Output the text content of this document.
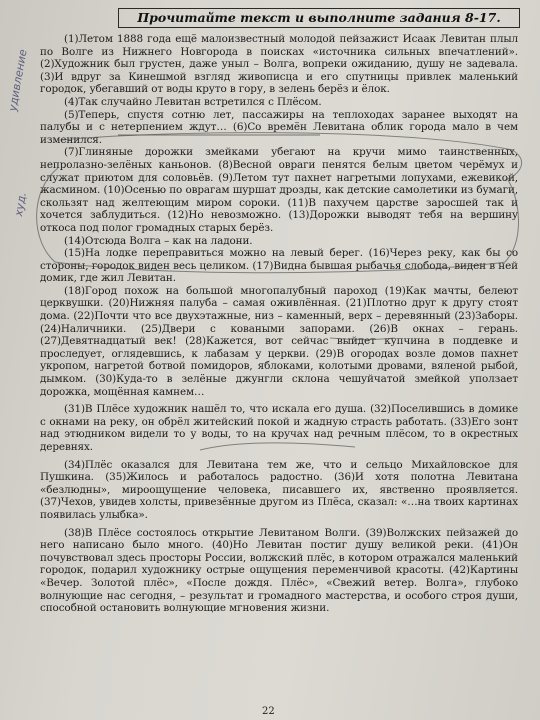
Прочитайте текст и выполните задания 8-17.

(1)Летом 1888 года ещё малоизвестный молодой пейзажист Исаак Левитан плыл по Волге из Нижнего Новгорода в поисках «источника сильных впечатлений». (2)Художник был грустен, даже уныл – Волга, вопреки ожиданию, душу не задевала. (3)И вдруг за Кинешмой взгляд живописца и его спутницы привлек маленький городок, убегавший от воды круто в гору, в зелень берёз и ёлок.

(4)Так случайно Левитан встретился с Плёсом.

(5)Теперь, спустя сотню лет, пассажиры на теплоходах заранее выходят на палубы и с нетерпением ждут… (6)Со времён Левитана облик города мало в чем изменился.

(7)Глиняные дорожки змейками убегают на кручи мимо таинственных, непролазно-зелёных каньонов. (8)Весной овраги пенятся белым цветом черёмух и служат приютом для соловьёв. (9)Летом тут пахнет нагретыми лопухами, ежевикой, жасмином. (10)Осенью по оврагам шуршат дрозды, как детские самолетики из бумаги, скользят над желтеющим миром сороки. (11)В пахучем царстве заросшей так и хочется заблудиться. (12)Но невозможно. (13)Дорожки выводят тебя на вершину откоса под полог громадных старых берёз.

(14)Отсюда Волга – как на ладони.

(15)На лодке переправиться можно на левый берег. (16)Через реку, как бы со стороны, городок виден весь целиком. (17)Видна бывшая рыбачья слобода, виден в ней домик, где жил Левитан.

(18)Город похож на большой многопалубный пароход (19)Как мачты, белеют церквушки. (20)Нижняя палуба – самая оживлённая. (21)Плотно друг к другу стоят дома. (22)Почти что все двухэтажные, низ – каменный, верх – деревянный (23)Заборы. (24)Наличники. (25)Двери с коваными запорами. (26)В окнах – герань. (27)Девятнадцатый век! (28)Кажется, вот сейчас выйдет купчина в поддевке и проследует, оглядевшись, к лабазам у церкви. (29)В огородах возле домов пахнет укропом, нагретой ботвой помидоров, яблоками, колотыми дровами, вяленой рыбой, дымком. (30)Куда-то в зелёные джунгли склона чешуйчатой змейкой уползает дорожка, мощённая камнем…

(31)В Плёсе художник нашёл то, что искала его душа. (32)Поселившись в домике с окнами на реку, он обрёл житейский покой и жадную страсть работать. (33)Его зонт над этюдником видели то у воды, то на кручах над речным плёсом, то в окрестных деревнях.

(34)Плёс оказался для Левитана тем же, что и сельцо Михайловское для Пушкина. (35)Жилось и работалось радостно. (36)И хотя полотна Левитана «безлюдны», мироощущение человека, писавшего их, явственно проявляется. (37)Чехов, увидев холсты, привезённые другом из Плёса, сказал: «…на твоих картинах появилась улыбка».

(38)В Плёсе состоялось открытие Левитаном Волги. (39)Волжских пейзажей до него написано было много. (40)Но Левитан постиг душу великой реки. (41)Он почувствовал здесь просторы России, волжский плёс, в котором отражался маленький городок, подарил художнику острые ощущения переменчивой красоты. (42)Картины «Вечер. Золотой плёс», «После дождя. Плёс», «Свежий ветер. Волга», глубоко волнующие нас сегодня, – результат и громадного мастерства, и особого строя души, способной остановить волнующие мгновения жизни.

удивление
худ.
22
